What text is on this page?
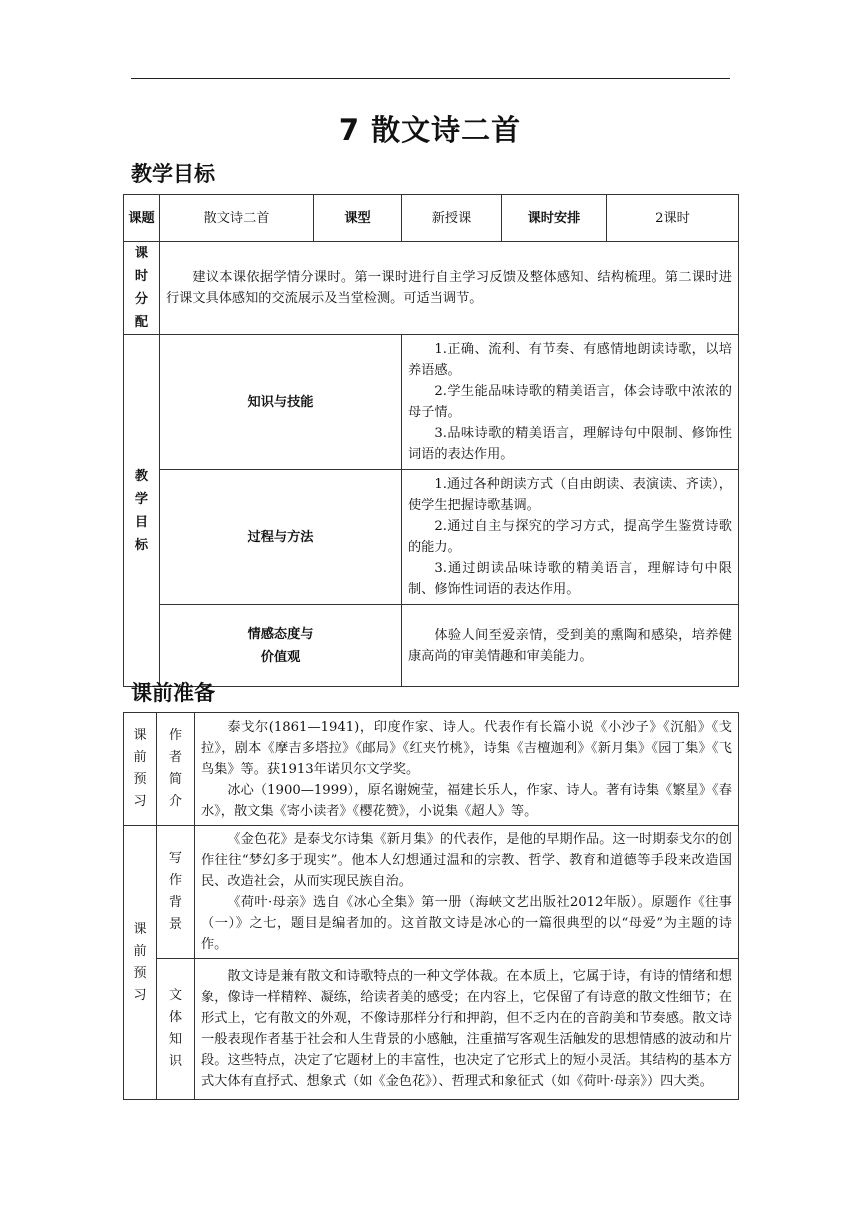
7 散文诗二首
教学目标
课题	散文诗二首	课型	新授课	课时安排	2课时
课时分配	建议本课依据学情分课时。第一课时进行自主学习反馈及整体感知、结构梳理。第二课时进行课文具体感知的交流展示及当堂检测。可适当调节。				

教学目标	知识与技能		1.正确、流利、有节奏、有感情地朗读诗歌，以培养语感。

2.学生能品味诗歌的精美语言，体会诗歌中浓浓的母子情。

3.品味诗歌的精美语言，理解诗句中限制、修饰性词语的表达作用。		

	过程与方法		1.通过各种朗读方式（自由朗读、表演读、齐读），使学生把握诗歌基调。

2.通过自主与探究的学习方式，提高学生鉴赏诗歌的能力。

3.通过朗读品味诗歌的精美语言，理解诗句中限制、修饰性词语的表达作用。		

	情感态度与
价值观		体验人间至爱亲情，受到美的熏陶和感染，培养健康高尚的审美情趣和审美能力。		

课前准备
课前预习	作者简介	泰戈尔(1861—1941)，印度作家、诗人。代表作有长篇小说《小沙子》《沉船》《戈拉》，剧本《摩吉多塔拉》《邮局》《红夹竹桃》，诗集《吉檀迦利》《新月集》《园丁集》《飞鸟集》等。获1913年诺贝尔文学奖。

冰心（1900—1999），原名谢婉莹，福建长乐人，作家、诗人。著有诗集《繁星》《春水》，散文集《寄小读者》《樱花赞》，小说集《超人》等。

课前预习	写作背景	《金色花》是泰戈尔诗集《新月集》的代表作，是他的早期作品。这一时期泰戈尔的创作往往“梦幻多于现实”。他本人幻想通过温和的宗教、哲学、教育和道德等手段来改造国民、改造社会，从而实现民族自治。

《荷叶·母亲》选自《冰心全集》第一册（海峡文艺出版社2012年版）。原题作《往事（一）》之七，题目是编者加的。这首散文诗是冰心的一篇很典型的以“母爱”为主题的诗作。

	文体知识	散文诗是兼有散文和诗歌特点的一种文学体裁。在本质上，它属于诗，有诗的情绪和想象，像诗一样精粹、凝练，给读者美的感受；在内容上，它保留了有诗意的散文性细节；在形式上，它有散文的外观，不像诗那样分行和押韵，但不乏内在的音韵美和节奏感。散文诗一般表现作者基于社会和人生背景的小感触，注重描写客观生活触发的思想情感的波动和片段。这些特点，决定了它题材上的丰富性，也决定了它形式上的短小灵活。其结构的基本方式大体有直抒式、想象式（如《金色花》）、哲理式和象征式（如《荷叶·母亲》）四大类。
